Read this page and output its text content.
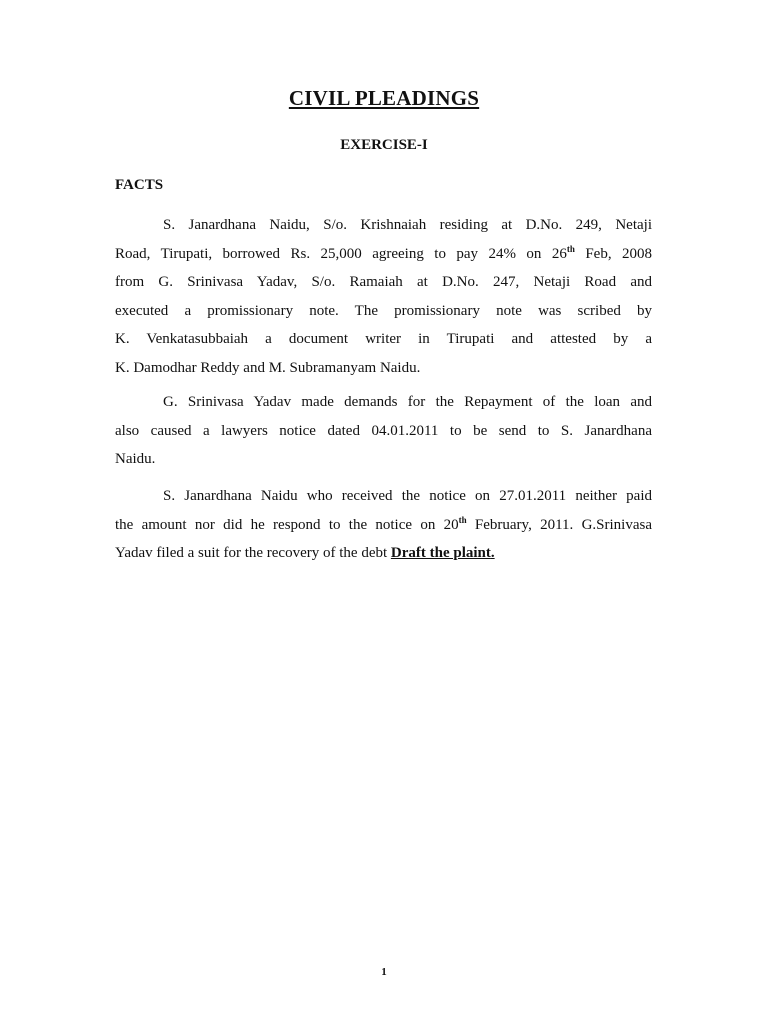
CIVIL PLEADINGS
EXERCISE-I
FACTS
S. Janardhana Naidu, S/o. Krishnaiah residing at D.No. 249, Netaji
Road, Tirupati, borrowed Rs. 25,000 agreeing to pay 24% on 26th Feb, 2008
from G. Srinivasa Yadav, S/o. Ramaiah at D.No. 247, Netaji Road and
executed a promissionary note. The promissionary note was scribed by
K. Venkatasubbaiah a document writer in Tirupati and attested by a
K. Damodhar Reddy and M. Subramanyam Naidu.
G. Srinivasa Yadav made demands for the Repayment of the loan and
also caused a lawyers notice dated 04.01.2011 to be send to S. Janardhana
Naidu.
S. Janardhana Naidu who received the notice on 27.01.2011 neither paid
the amount nor did he respond to the notice on 20th February, 2011. G.Srinivasa
Yadav filed a suit for the recovery of the debt Draft the plaint.
1
